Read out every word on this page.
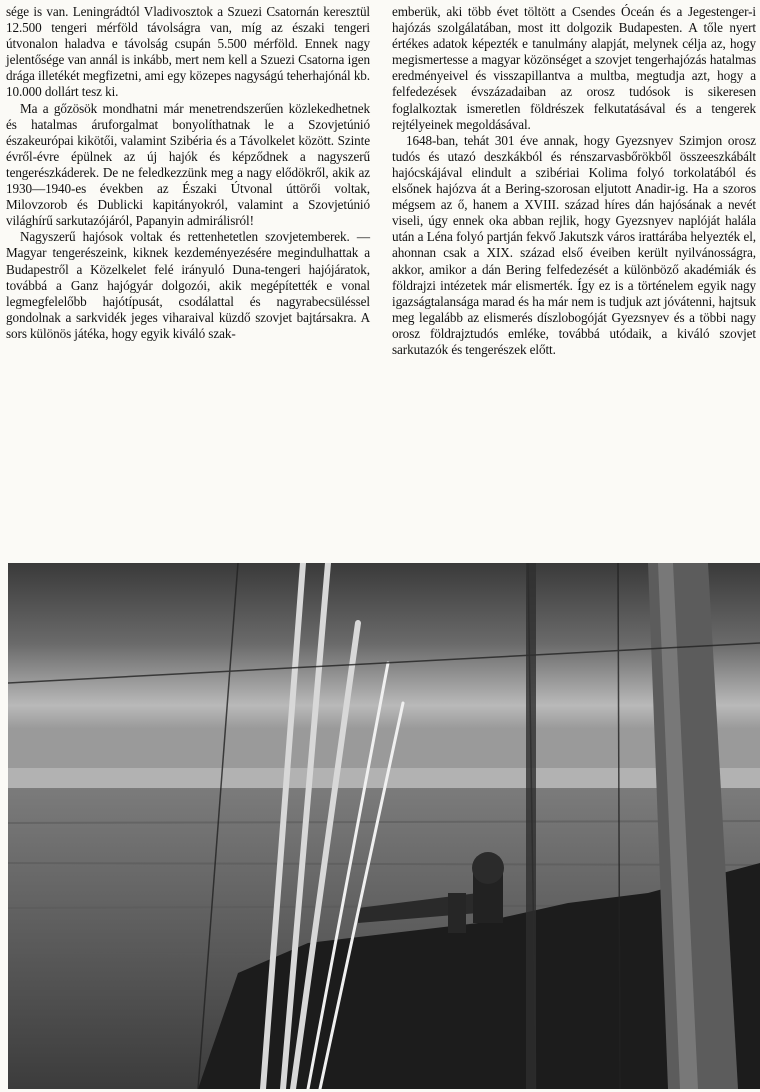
sége is van. Leningrádtól Vladivosztok a Szuezi Csatornán keresztül 12.500 tengeri mérföld távolságra van, míg az északi tengeri útvonalon haladva e távolság csupán 5.500 mérföld. Ennek nagy jelentősége van annál is inkább, mert nem kell a Szuezi Csatorna igen drága illetékét megfizetni, ami egy közepes nagyságú teherhajónál kb. 10.000 dollárt tesz ki.

Ma a gőzösök mondhatni már menetrendszerűen közlekedhetnek és hatalmas áruforgalmat bonyolíthatnak le a Szovjetúnió északeurópai kikötői, valamint Szibéria és a Távolkelet között. Szinte évről-évre épülnek az új hajók és képződnek a nagyszerű tengerészkáderek. De ne feledkezzünk meg a nagy elődökről, akik az 1930—1940-es években az Északi Útvonal úttörői voltak, Milovzorob és Dublicki kapitányokról, valamint a Szovjetúnió világhírű sarkutazójáról, Papanyin admirálisról!

Nagyszerű hajósok voltak és rettenhetetlen szovjetemberek. — Magyar tengerészeink, kiknek kezdeményezésére megindulhattak a Budapestről a Közelkelet felé irányuló Duna-tengeri hajójáratok, továbbá a Ganz hajógyár dolgozói, akik megépítették e vonal legmegfelelőbb hajótípusát, csodálattal és nagyrabecsüléssel gondolnak a sarkvidék jeges viharaival küzdő szovjet bajtársakra. A sors különös játéka, hogy egyik kiváló szak-

emberük, aki több évet töltött a Csendes Óceán és a Jegestenger-i hajózás szolgálatában, most itt dolgozik Budapesten. A tőle nyert értékes adatok képezték e tanulmány alapját, melynek célja az, hogy megismertesse a magyar közönséget a szovjet tengerhajózás hatalmas eredményeivel és visszapillantva a multba, megtudja azt, hogy a felfedezések évszázadaiban az orosz tudósok is sikeresen foglalkoztak ismeretlen földrészek felkutatásával és a tengerek rejtélyeinek megoldásával.

1648-ban, tehát 301 éve annak, hogy Gyezsnyev Szimjon orosz tudós és utazó deszkákból és rénszarvasbőrökből összeeszkábált hajócskájával elindult a szibériai Kolima folyó torkolatából és elsőnek hajózva át a Bering-szorosan eljutott Anadir-ig. Ha a szoros mégsem az ő, hanem a XVIII. század híres dán hajósának a nevét viseli, úgy ennek oka abban rejlik, hogy Gyezsnyev naplóját halála után a Léna folyó partján fekvő Jakutszk város irattárába helyezték el, ahonnan csak a XIX. század első éveiben került nyilvánosságra, akkor, amikor a dán Bering felfedezését a különböző akadémiák és földrajzi intézetek már elismerték. Így ez is a történelem egyik nagy igazságtalansága marad és ha már nem is tudjuk azt jóvátenni, hajtsuk meg legalább az elismerés díszlobogóját Gyezsnyev és a többi nagy orosz földrajztudós emléke, továbbá utódaik, a kiváló szovjet sarkutazók és tengerészek előtt.
